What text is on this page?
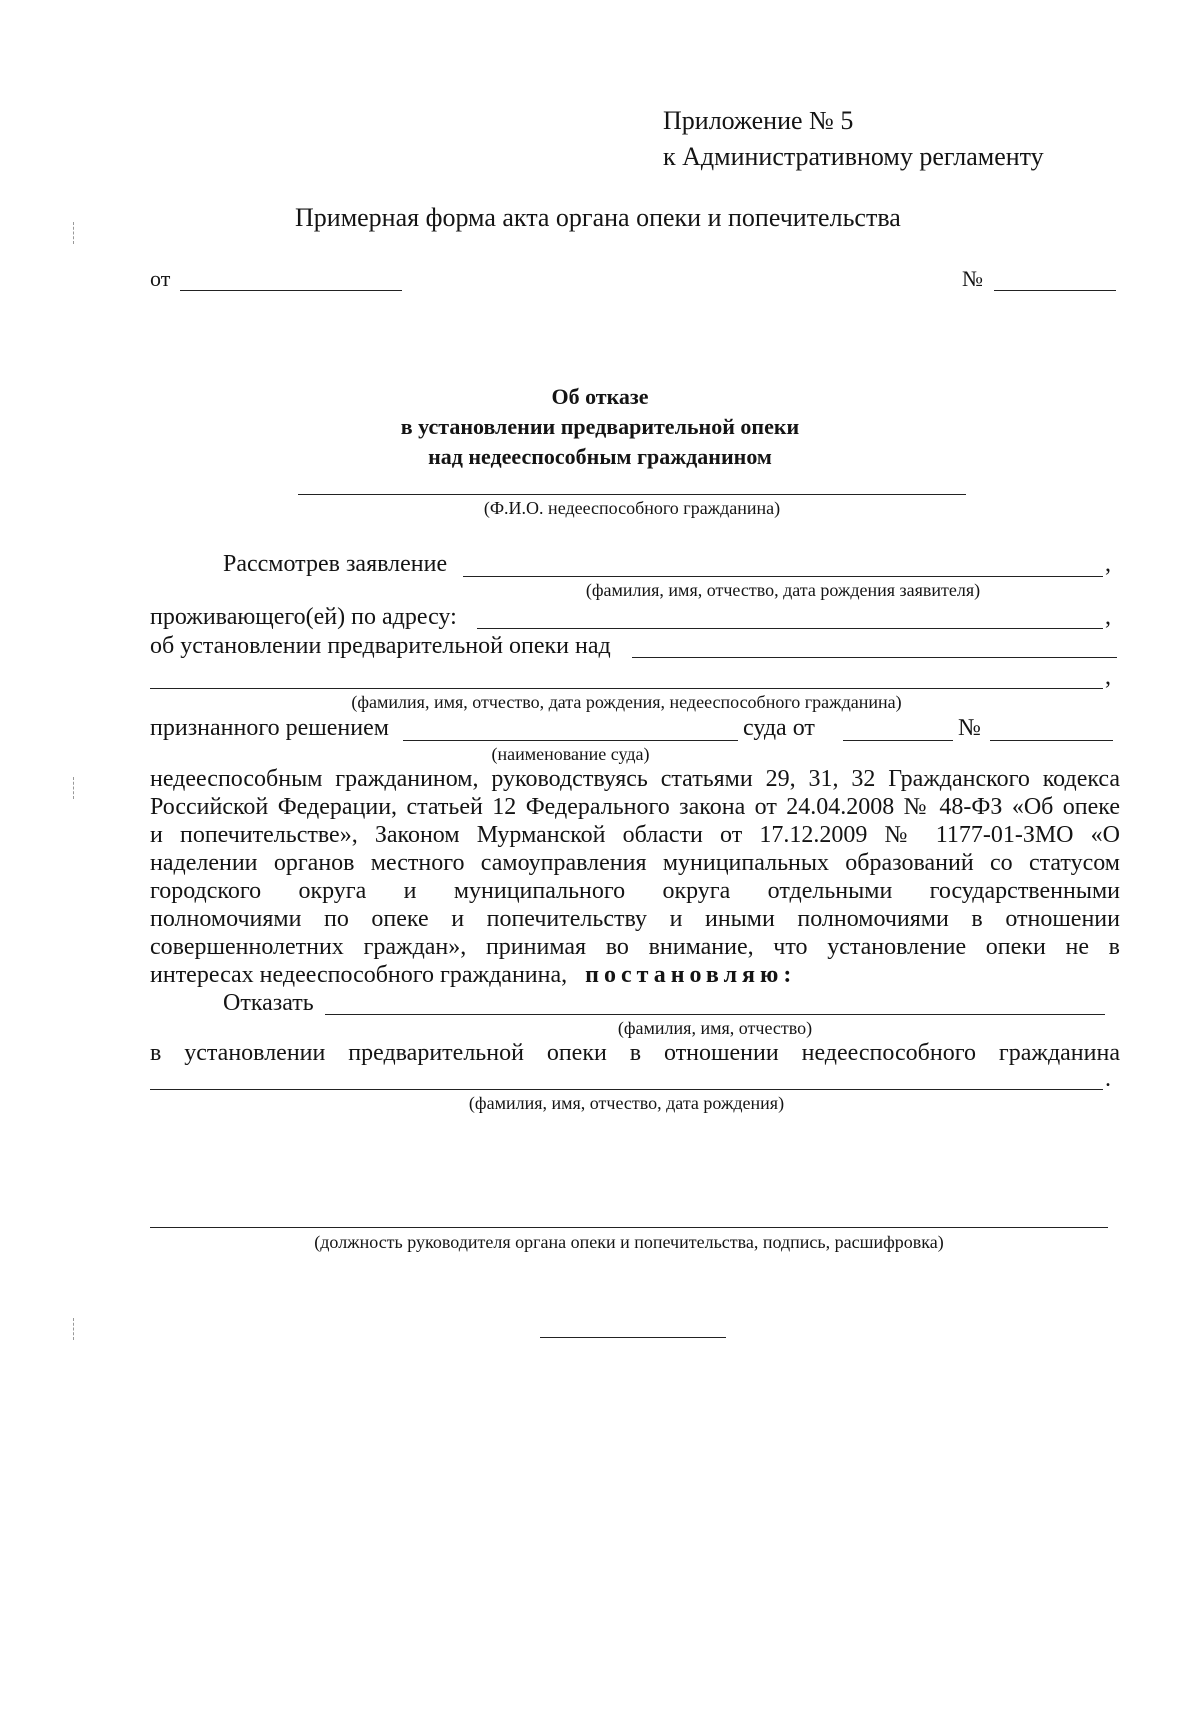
Приложение № 5
к Административному регламенту
Примерная форма акта органа опеки и попечительства
от	№
Об отказе
в установлении предварительной опеки
над недееспособным гражданином
(Ф.И.О. недееспособного гражданина)
Рассмотрев заявление	,
(фамилия, имя, отчество, дата рождения заявителя)
проживающего(ей) по адресу:	,
об установлении предварительной опеки над
,
(фамилия, имя, отчество, дата рождения, недееспособного гражданина)
признанного решением	суда от	№
(наименование суда)
недееспособным гражданином, руководствуясь статьями 29, 31, 32 Гражданского кодекса
Российской Федерации, статьей 12 Федерального закона от 24.04.2008 № 48-ФЗ «Об опеке
и попечительстве», Законом Мурманской области от 17.12.2009 № 1177-01-ЗМО «О
наделении органов местного самоуправления муниципальных образований со статусом
городского округа и муниципального округа отдельными государственными
полномочиями по опеке и попечительству и иными полномочиями в отношении
совершеннолетних граждан», принимая во внимание, что установление опеки не в
интересах недееспособного гражданина, постановляю:
Отказать
(фамилия, имя, отчество)
в установлении предварительной опеки в отношении недееспособного гражданина
.
(фамилия, имя, отчество, дата рождения)
(должность руководителя органа опеки и попечительства, подпись, расшифровка)
